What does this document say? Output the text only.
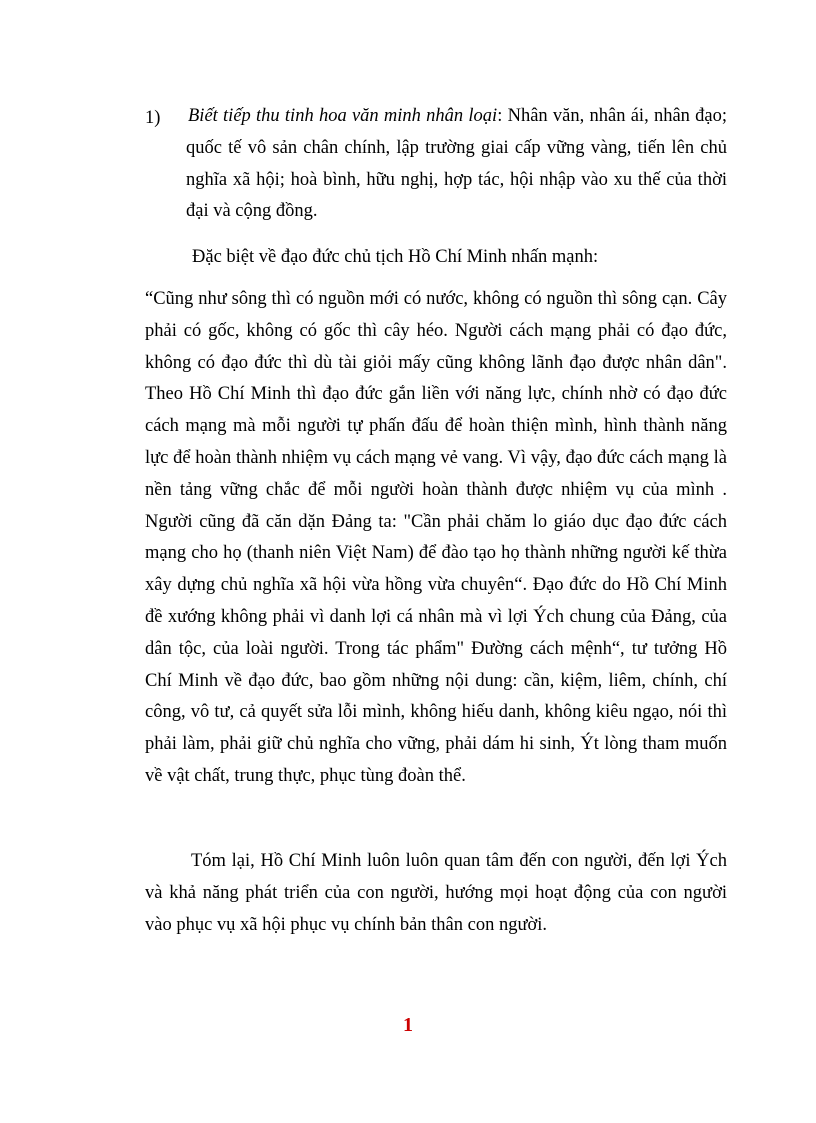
1) Biết tiếp thu tinh hoa văn minh nhân loại: Nhân văn, nhân ái, nhân đạo; quốc tế vô sản chân chính, lập trường giai cấp vững vàng, tiến lên chủ nghĩa xã hội; hoà bình, hữu nghị, hợp tác, hội nhập vào xu thế của thời đại và cộng đồng.

Đặc biệt về đạo đức chủ tịch Hồ Chí Minh nhấn mạnh:

“Cũng như sông thì có nguồn mới có nước, không có nguồn thì sông cạn. Cây phải có gốc, không có gốc thì cây héo. Người cách mạng phải có đạo đức, không có đạo đức thì dù tài giỏi mấy cũng không lãnh đạo được nhân dân". Theo Hồ Chí Minh thì đạo đức gắn liền với năng lực, chính nhờ có đạo đức cách mạng mà mỗi người tự phấn đấu để hoàn thiện mình, hình thành năng lực để hoàn thành nhiệm vụ cách mạng vẻ vang. Vì vậy, đạo đức cách mạng là nền tảng vững chắc để mỗi người hoàn thành được nhiệm vụ của mình . Người cũng đã căn dặn Đảng ta: "Cần phải chăm lo giáo dục đạo đức cách mạng cho họ (thanh niên Việt Nam) để đào tạo họ thành những người kế thừa xây dựng chủ nghĩa xã hội vừa hồng vừa chuyên“. Đạo đức do Hồ Chí Minh đề xướng không phải vì danh lợi cá nhân mà vì lợi Ých chung của Đảng, của dân tộc, của loài người. Trong tác phẩm" Đường cách mệnh“, tư tưởng Hồ Chí Minh về đạo đức, bao gồm những nội dung: cần, kiệm, liêm, chính, chí công, vô tư, cả quyết sửa lỗi mình, không hiếu danh, không kiêu ngạo, nói thì phải làm, phải giữ chủ nghĩa cho vững, phải dám hi sinh, Ýt lòng tham muốn về vật chất, trung thực, phục tùng đoàn thể.

Tóm lại, Hồ Chí Minh luôn luôn quan tâm đến con người, đến lợi Ých và khả năng phát triển của con người, hướng mọi hoạt động của con người vào phục vụ xã hội phục vụ chính bản thân con người.

1
